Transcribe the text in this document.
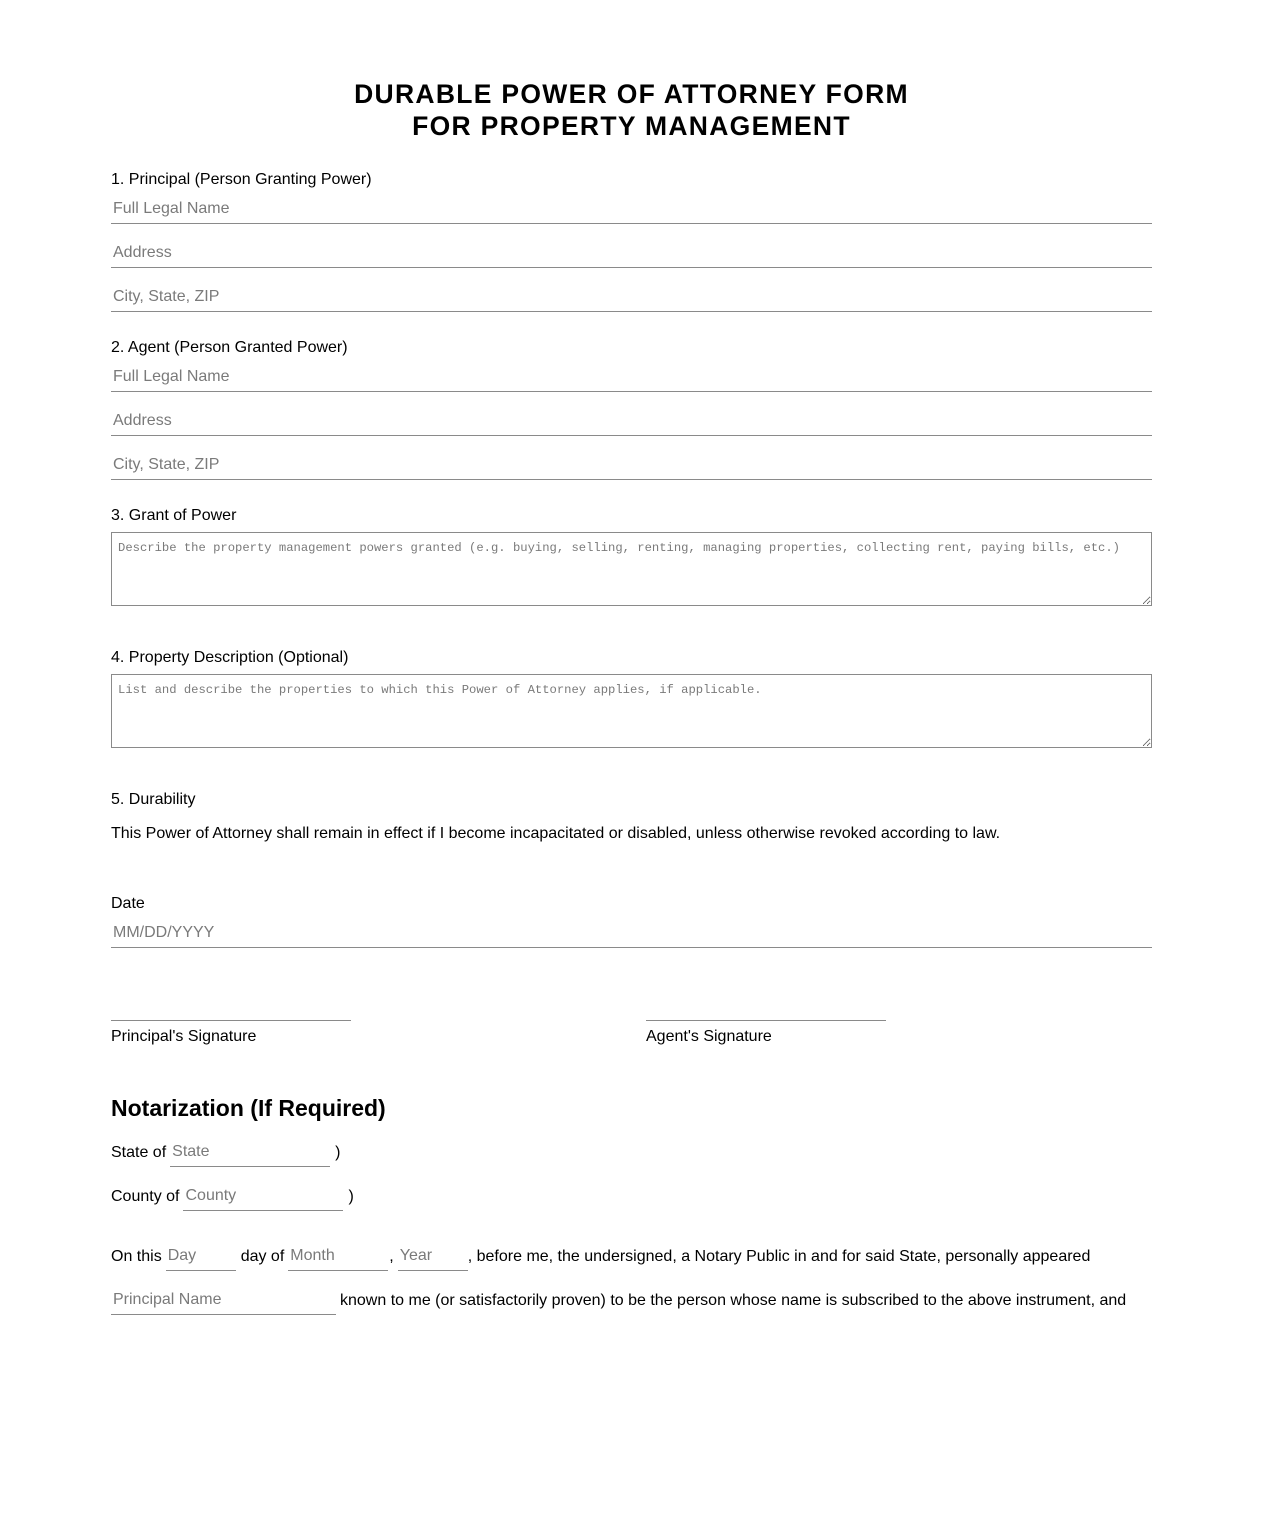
DURABLE POWER OF ATTORNEY FORM
FOR PROPERTY MANAGEMENT
1. Principal (Person Granting Power)
Full Legal Name
Address
City, State, ZIP
2. Agent (Person Granted Power)
Full Legal Name
Address
City, State, ZIP
3. Grant of Power
Describe the property management powers granted (e.g. buying, selling, renting, managing properties, collecting rent, paying bills, etc.)
4. Property Description (Optional)
List and describe the properties to which this Power of Attorney applies, if applicable.
5. Durability
This Power of Attorney shall remain in effect if I become incapacitated or disabled, unless otherwise revoked according to law.
Date
MM/DD/YYYY
Principal's Signature	Agent's Signature
Notarization (If Required)
State of
State	)
County of
County	)
On this
Day	day of
Month	,
Year	, before me, the undersigned, a Notary Public in and for said State, personally appeared
Principal Name
known to me (or satisfactorily proven) to be the person whose name is subscribed to the above instrument, and
